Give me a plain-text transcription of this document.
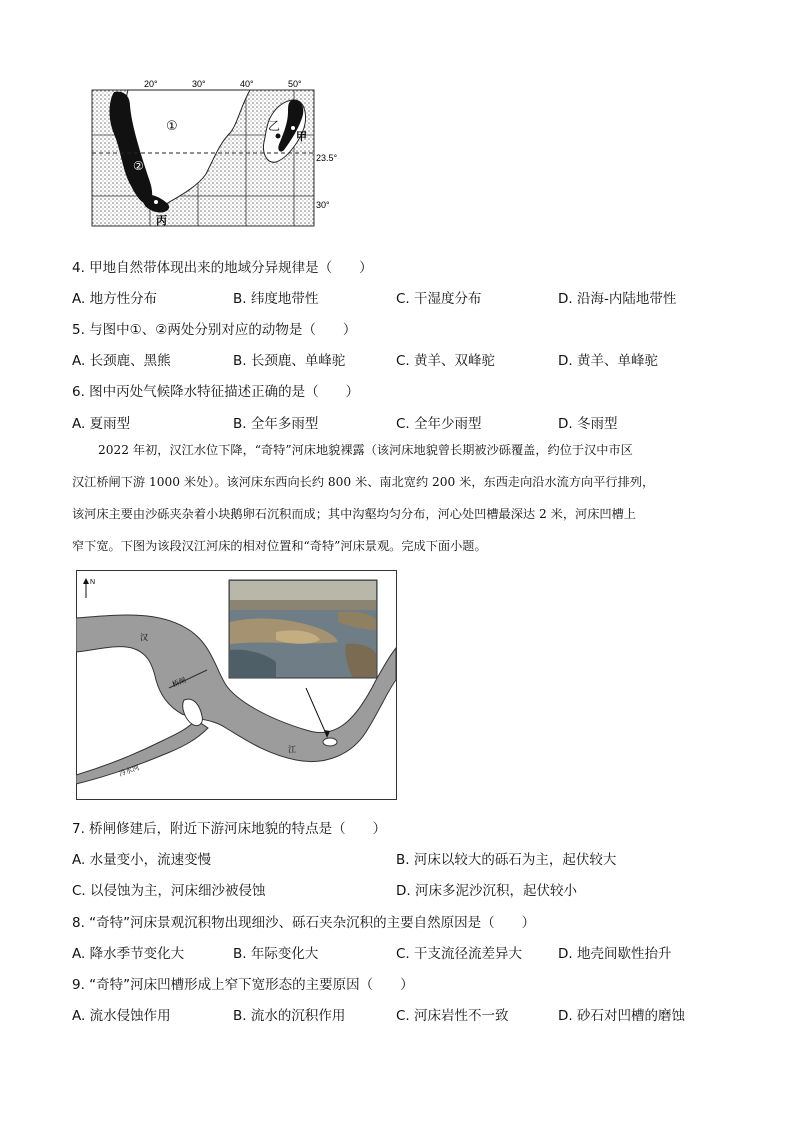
20°	30°	40°	50°
23.5°
30°
①
②
乙
甲
丙
4. 甲地自然带体现出来的地域分异规律是（　　）
A. 地方性分布	B. 纬度地带性	C. 干湿度分布	D. 沿海-内陆地带性
5. 与图中①、②两处分别对应的动物是（　　）
A. 长颈鹿、黑熊	B. 长颈鹿、单峰驼	C. 黄羊、双峰驼	D. 黄羊、单峰驼
6. 图中丙处气候降水特征描述正确的是（　　）
A. 夏雨型	B. 全年多雨型	C. 全年少雨型	D. 冬雨型

2022 年初，汉江水位下降，“奇特”河床地貌裸露（该河床地貌曾长期被沙砾覆盖，约位于汉中市区

汉江桥闸下游 1000 米处）。该河床东西向长约 800 米、南北宽约 200 米，东西走向沿水流方向平行排列，

该河床主要由沙砾夹杂着小块鹅卵石沉积而成；其中沟壑均匀分布，河心处凹槽最深达 2 米，河床凹槽上

窄下宽。下图为该段汉江河床的相对位置和“奇特”河床景观。完成下面小题。

N
汉
江
桥闸
冷水河
7. 桥闸修建后，附近下游河床地貌的特点是（　　）
A. 水量变小，流速变慢	B. 河床以较大的砾石为主，起伏较大
C. 以侵蚀为主，河床细沙被侵蚀	D. 河床多泥沙沉积，起伏较小
8. “奇特”河床景观沉积物出现细沙、砾石夹杂沉积的主要自然原因是（　　）
A. 降水季节变化大	B. 年际变化大	C. 干支流径流差异大	D. 地壳间歇性抬升
9. “奇特”河床凹槽形成上窄下宽形态的主要原因（　　）
A. 流水侵蚀作用	B. 流水的沉积作用	C. 河床岩性不一致	D. 砂石对凹槽的磨蚀
